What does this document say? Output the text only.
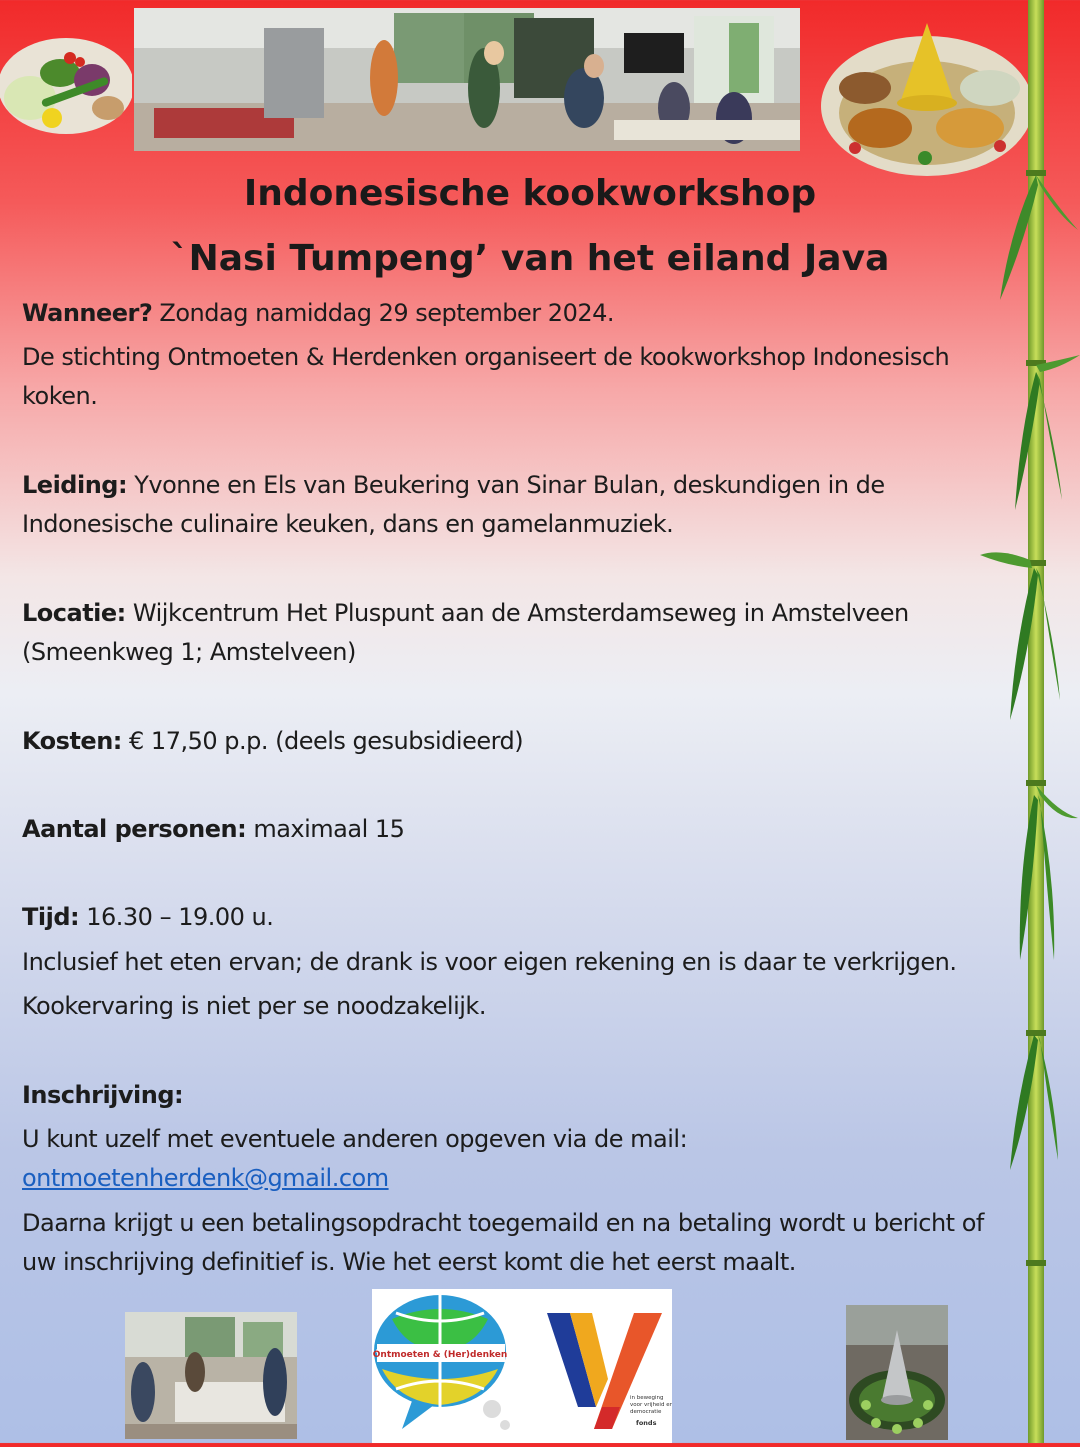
Indonesische kookworkshop
`Nasi Tumpeng’ van het eiland Java

Wanneer? Zondag namiddag 29 september 2024.

De stichting Ontmoeten & Herdenken organiseert de kookworkshop Indonesisch koken.

Leiding: Yvonne en Els van Beukering van Sinar Bulan, deskundigen in de Indonesische culinaire keuken, dans en gamelanmuziek.

Locatie: Wijkcentrum Het Pluspunt aan de Amsterdamseweg in Amstelveen (Smeenkweg 1; Amstelveen)

Kosten: € 17,50 p.p. (deels gesubsidieerd)

Aantal personen: maximaal 15

Tijd: 16.30 – 19.00 u.

Inclusief het eten ervan; de drank is voor eigen rekening en is daar te verkrijgen.

Kookervaring is niet per se noodzakelijk.

Inschrijving:

U kunt uzelf met eventuele anderen opgeven via de mail:

ontmoetenherdenk@gmail.com

Daarna krijgt u een betalingsopdracht toegemaild en na betaling wordt u bericht of uw inschrijving definitief is. Wie het eerst komt die het eerst maalt.

Ontmoeten & (Her)denken
in beweging
voor vrijheid en
democratie
fonds
